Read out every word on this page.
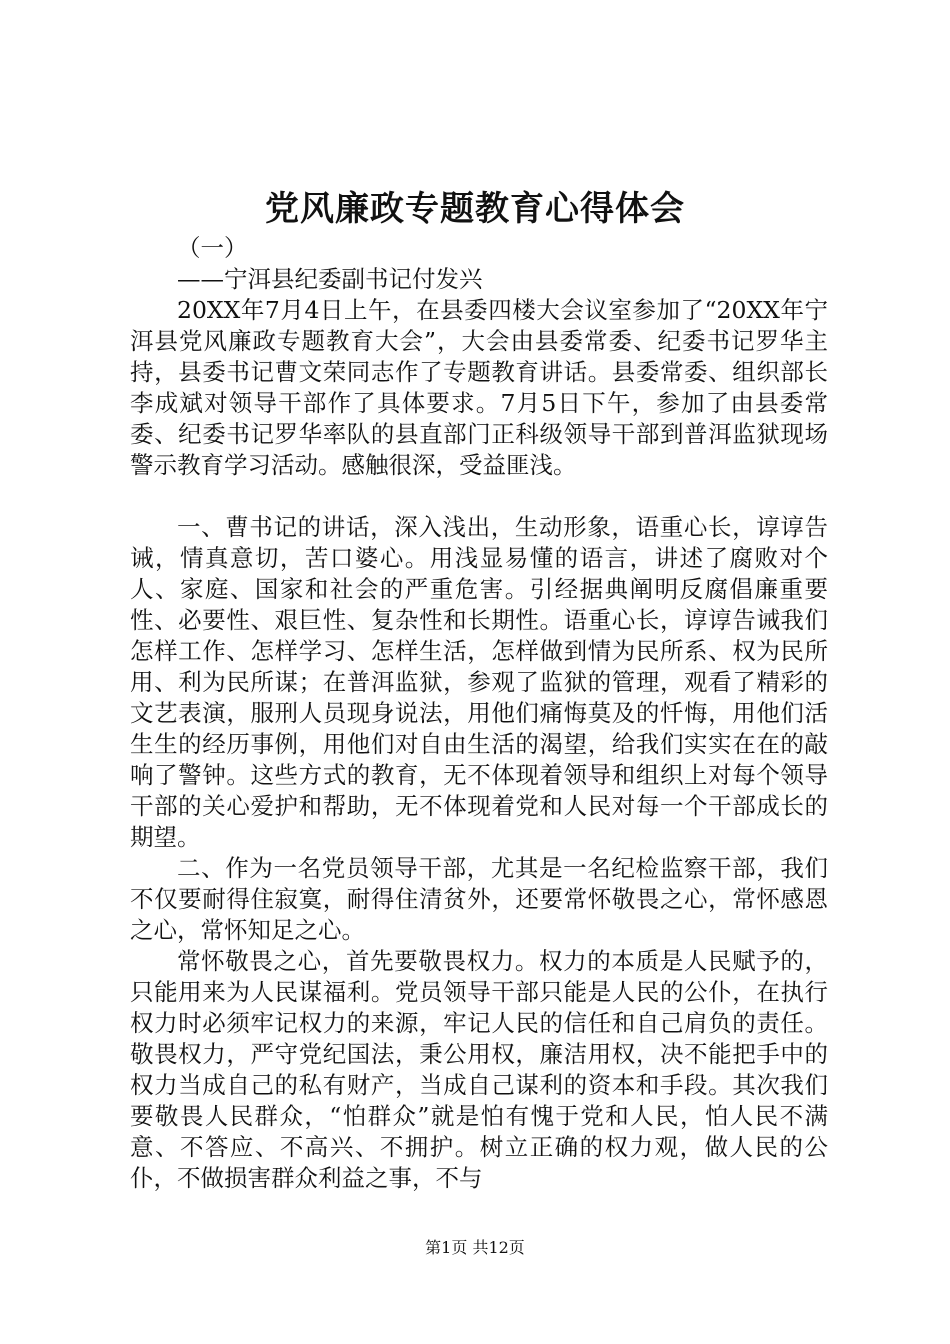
党风廉政专题教育心得体会

（一）

——宁洱县纪委副书记付发兴

20XX年7月4日上午，在县委四楼大会议室参加了“20XX年宁洱县党风廉政专题教育大会”，大会由县委常委、纪委书记罗华主持，县委书记曹文荣同志作了专题教育讲话。县委常委、组织部长李成斌对领导干部作了具体要求。7月5日下午，参加了由县委常委、纪委书记罗华率队的县直部门正科级领导干部到普洱监狱现场警示教育学习活动。感触很深，受益匪浅。

一、曹书记的讲话，深入浅出，生动形象，语重心长，谆谆告诫，情真意切，苦口婆心。用浅显易懂的语言，讲述了腐败对个人、家庭、国家和社会的严重危害。引经据典阐明反腐倡廉重要性、必要性、艰巨性、复杂性和长期性。语重心长，谆谆告诫我们怎样工作、怎样学习、怎样生活，怎样做到情为民所系、权为民所用、利为民所谋；在普洱监狱，参观了监狱的管理，观看了精彩的文艺表演，服刑人员现身说法，用他们痛悔莫及的忏悔，用他们活生生的经历事例，用他们对自由生活的渴望，给我们实实在在的敲响了警钟。这些方式的教育，无不体现着领导和组织上对每个领导干部的关心爱护和帮助，无不体现着党和人民对每一个干部成长的期望。

二、作为一名党员领导干部，尤其是一名纪检监察干部，我们不仅要耐得住寂寞，耐得住清贫外，还要常怀敬畏之心，常怀感恩之心，常怀知足之心。

常怀敬畏之心，首先要敬畏权力。权力的本质是人民赋予的，只能用来为人民谋福利。党员领导干部只能是人民的公仆，在执行权力时必须牢记权力的来源，牢记人民的信任和自己肩负的责任。敬畏权力，严守党纪国法，秉公用权，廉洁用权，决不能把手中的权力当成自己的私有财产，当成自己谋利的资本和手段。其次我们要敬畏人民群众，“怕群众”就是怕有愧于党和人民，怕人民不满意、不答应、不高兴、不拥护。树立正确的权力观，做人民的公仆，不做损害群众利益之事，不与

第1页 共12页
